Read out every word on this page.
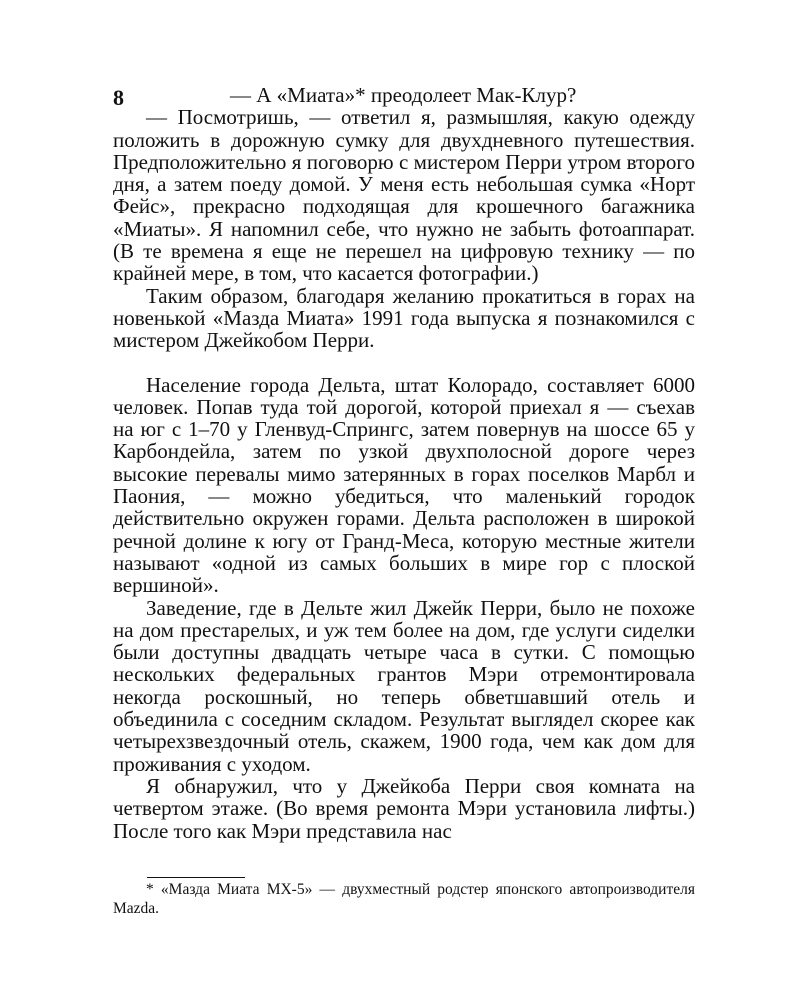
8	— А «Миата»* преодолеет Мак-Клур?

— Посмотришь, — ответил я, размышляя, какую одежду положить в дорожную сумку для двухдневного путешествия. Предположительно я поговорю с мистером Перри утром второго дня, а затем поеду домой. У меня есть небольшая сумка «Норт Фейс», прекрасно подходящая для крошечного багажника «Миаты». Я напомнил себе, что нужно не забыть фотоаппарат. (В те времена я еще не перешел на цифровую технику — по крайней мере, в том, что касается фотографии.)

Таким образом, благодаря желанию прокатиться в горах на новенькой «Мазда Миата» 1991 года выпуска я познакомился с мистером Джейкобом Перри.

Население города Дельта, штат Колорадо, составляет 6000 человек. Попав туда той дорогой, которой приехал я — съехав на юг с 1–70 у Гленвуд-Спрингс, затем повернув на шоссе 65 у Карбондейла, затем по узкой двухполосной дороге через высокие перевалы мимо затерянных в горах поселков Марбл и Паония, — можно убедиться, что маленький городок действительно окружен горами. Дельта расположен в широкой речной долине к югу от Гранд-Меса, которую местные жители называют «одной из самых больших в мире гор с плоской вершиной».

Заведение, где в Дельте жил Джейк Перри, было не похоже на дом престарелых, и уж тем более на дом, где услуги сиделки были доступны двадцать четыре часа в сутки. С помощью нескольких федеральных грантов Мэри отремонтировала некогда роскошный, но теперь обветшавший отель и объединила с соседним складом. Результат выглядел скорее как четырехзвездочный отель, скажем, 1900 года, чем как дом для проживания с уходом.

Я обнаружил, что у Джейкоба Перри своя комната на четвертом этаже. (Во время ремонта Мэри установила лифты.) После того как Мэри представила нас

* «Мазда Миата MX-5» — двухместный родстер японского автопроизводителя Mazda.
